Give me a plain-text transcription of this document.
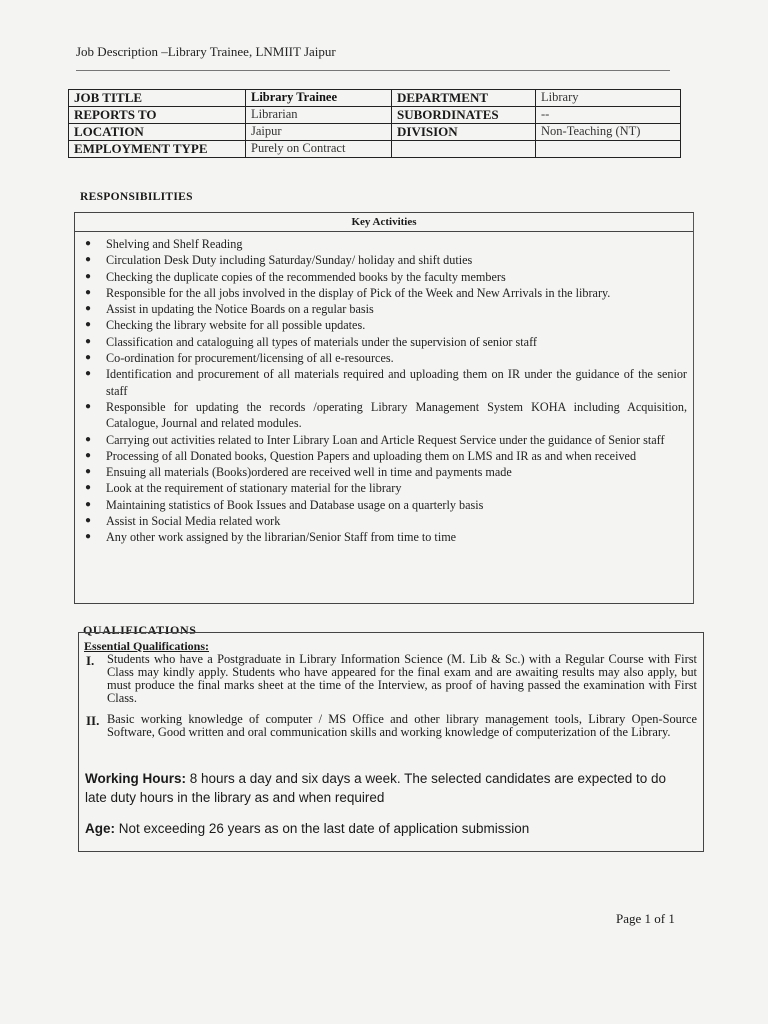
Job Description –Library Trainee, LNMIIT Jaipur
JOB TITLE	Library Trainee	DEPARTMENT	Library
REPORTS TO	Librarian	SUBORDINATES	--
LOCATION	Jaipur	DIVISION	Non-Teaching (NT)
EMPLOYMENT TYPE	Purely on Contract		
RESPONSIBILITIES
Key Activities
● Shelving and Shelf Reading
● Circulation Desk Duty including Saturday/Sunday/ holiday and shift duties
● Checking the duplicate copies of the recommended books by the faculty members
● Responsible for the all jobs involved in the display of Pick of the Week and New Arrivals in the library.
● Assist in updating the Notice Boards on a regular basis
● Checking the library website for all possible updates.
● Classification and cataloguing all types of materials under the supervision of senior staff
● Co-ordination for procurement/licensing of all e-resources.
● Identification and procurement of all materials required and uploading them on IR under the guidance of the senior staff
● Responsible for updating the records /operating Library Management System KOHA including Acquisition, Catalogue, Journal and related modules.
● Carrying out activities related to Inter Library Loan and Article Request Service under the guidance of Senior staff
● Processing of all Donated books, Question Papers and uploading them on LMS and IR as and when received
● Ensuing all materials (Books)ordered are received well in time and payments made
● Look at the requirement of stationary material for the library
● Maintaining statistics of Book Issues and Database usage on a quarterly basis
● Assist in Social Media related work
● Any other work assigned by the librarian/Senior Staff from time to time
QUALIFICATIONS
Essential Qualifications:
I. Students who have a Postgraduate in Library Information Science (M. Lib & Sc.) with a Regular Course with First Class may kindly apply. Students who have appeared for the final exam and are awaiting results may also apply, but must produce the final marks sheet at the time of the Interview, as proof of having passed the examination with First Class.
II. Basic working knowledge of computer / MS Office and other library management tools, Library Open-Source Software, Good written and oral communication skills and working knowledge of computerization of the Library.
Working Hours: 8 hours a day and six days a week. The selected candidates are expected to do late duty hours in the library as and when required
Age: Not exceeding 26 years as on the last date of application submission
Page 1 of 1
